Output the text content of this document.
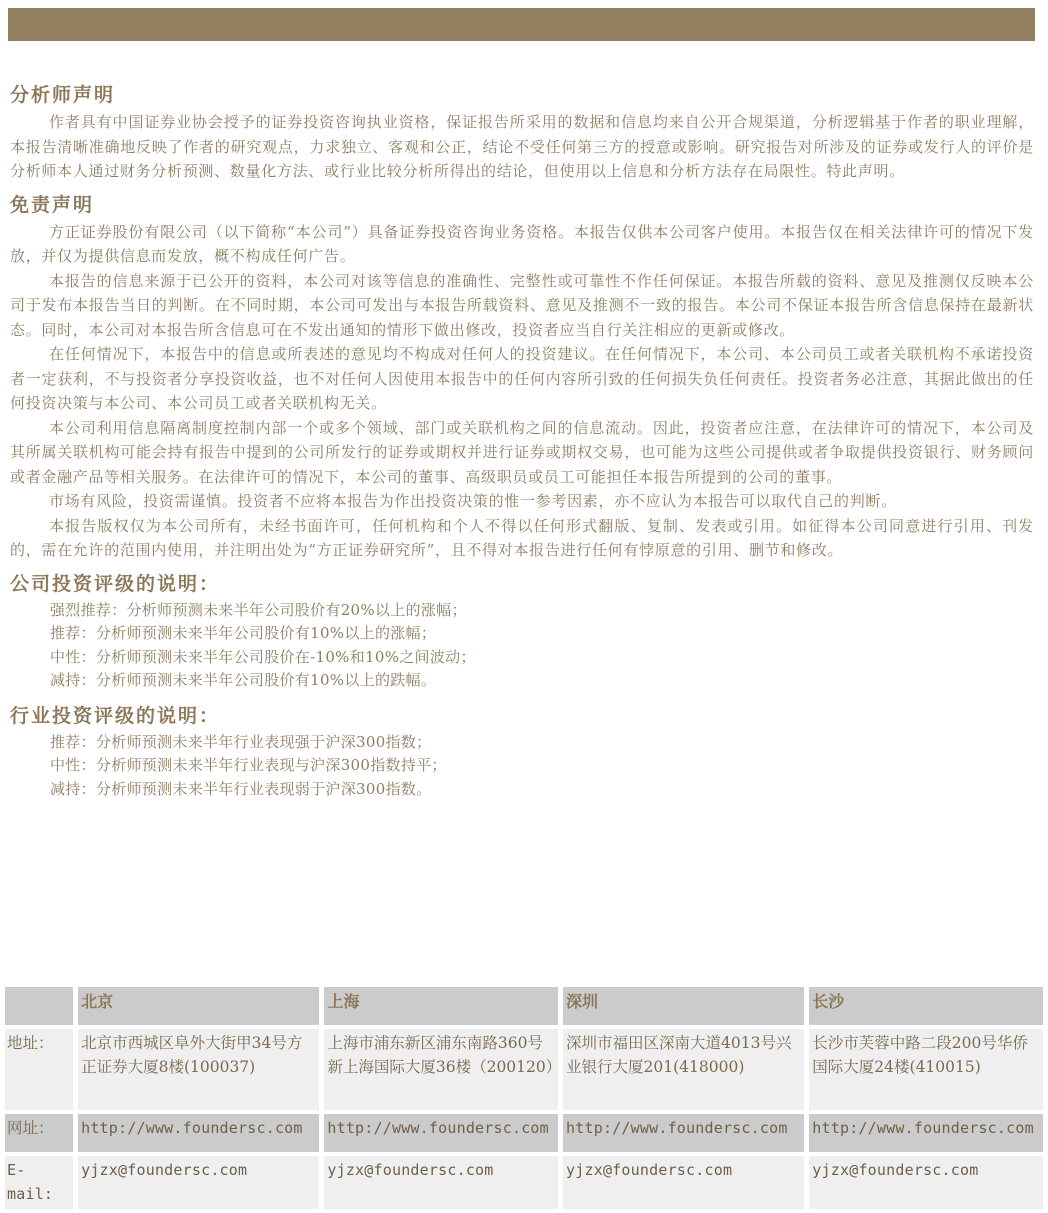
分析师声明

作者具有中国证券业协会授予的证券投资咨询执业资格，保证报告所采用的数据和信息均来自公开合规渠道，分析逻辑基于作者的职业理解，本报告清晰准确地反映了作者的研究观点，力求独立、客观和公正，结论不受任何第三方的授意或影响。研究报告对所涉及的证券或发行人的评价是分析师本人通过财务分析预测、数量化方法、或行业比较分析所得出的结论，但使用以上信息和分析方法存在局限性。特此声明。

免责声明

方正证券股份有限公司（以下简称“本公司”）具备证券投资咨询业务资格。本报告仅供本公司客户使用。本报告仅在相关法律许可的情况下发放，并仅为提供信息而发放，概不构成任何广告。

本报告的信息来源于已公开的资料，本公司对该等信息的准确性、完整性或可靠性不作任何保证。本报告所载的资料、意见及推测仅反映本公司于发布本报告当日的判断。在不同时期，本公司可发出与本报告所载资料、意见及推测不一致的报告。本公司不保证本报告所含信息保持在最新状态。同时，本公司对本报告所含信息可在不发出通知的情形下做出修改，投资者应当自行关注相应的更新或修改。

在任何情况下，本报告中的信息或所表述的意见均不构成对任何人的投资建议。在任何情况下，本公司、本公司员工或者关联机构不承诺投资者一定获利，不与投资者分享投资收益，也不对任何人因使用本报告中的任何内容所引致的任何损失负任何责任。投资者务必注意，其据此做出的任何投资决策与本公司、本公司员工或者关联机构无关。

本公司利用信息隔离制度控制内部一个或多个领域、部门或关联机构之间的信息流动。因此，投资者应注意，在法律许可的情况下，本公司及其所属关联机构可能会持有报告中提到的公司所发行的证券或期权并进行证券或期权交易，也可能为这些公司提供或者争取提供投资银行、财务顾问或者金融产品等相关服务。在法律许可的情况下，本公司的董事、高级职员或员工可能担任本报告所提到的公司的董事。

市场有风险，投资需谨慎。投资者不应将本报告为作出投资决策的惟一参考因素，亦不应认为本报告可以取代自己的判断。

本报告版权仅为本公司所有，未经书面许可，任何机构和个人不得以任何形式翻版、复制、发表或引用。如征得本公司同意进行引用、刊发的，需在允许的范围内使用，并注明出处为“方正证券研究所”，且不得对本报告进行任何有悖原意的引用、删节和修改。

公司投资评级的说明：
强烈推荐：分析师预测未来半年公司股价有20%以上的涨幅；
推荐：分析师预测未来半年公司股价有10%以上的涨幅；
中性：分析师预测未来半年公司股价在-10%和10%之间波动；
减持：分析师预测未来半年公司股价有10%以上的跌幅。
行业投资评级的说明：
推荐：分析师预测未来半年行业表现强于沪深300指数；
中性：分析师预测未来半年行业表现与沪深300指数持平；
减持：分析师预测未来半年行业表现弱于沪深300指数。
	北京	上海	深圳	长沙
地址：	北京市西城区阜外大街甲34号方正证券大厦8楼(100037)	上海市浦东新区浦东南路360号新上海国际大厦36楼（200120）	深圳市福田区深南大道4013号兴业银行大厦201(418000)	长沙市芙蓉中路二段200号华侨国际大厦24楼(410015)
网址：	http://www.foundersc.com	http://www.foundersc.com	http://www.foundersc.com	http://www.foundersc.com
E-mail:	yjzx@foundersc.com	yjzx@foundersc.com	yjzx@foundersc.com	yjzx@foundersc.com
